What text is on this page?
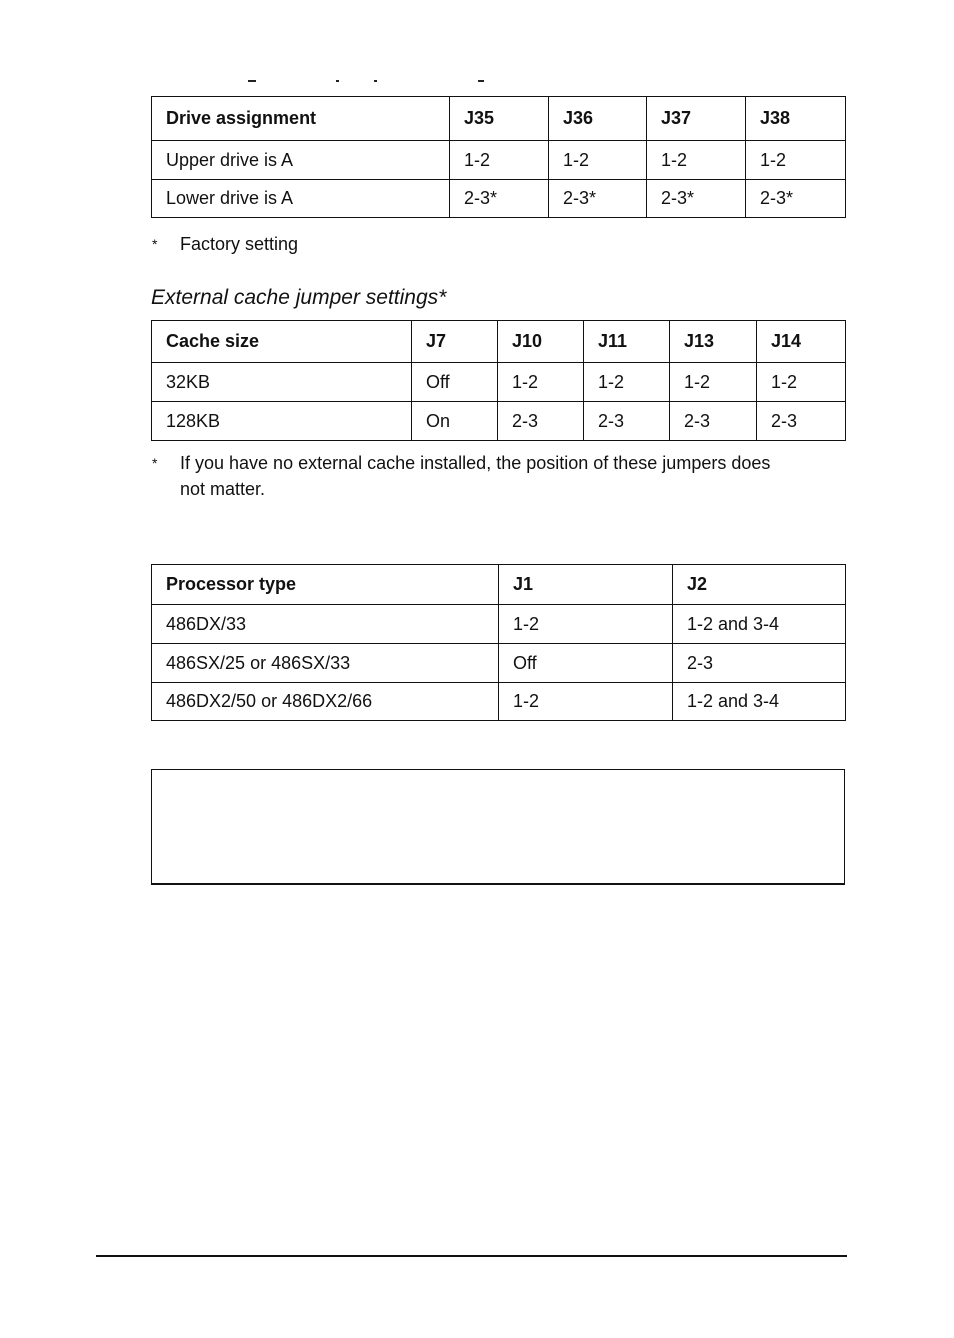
Drive assignment	J35	J36	J37	J38
Upper drive is A	1-2	1-2	1-2	1-2
Lower drive is A	2-3*	2-3*	2-3*	2-3*
* Factory setting
External cache jumper settings*
Cache size	J7	J10	J11	J13	J14
32KB	Off	1-2	1-2	1-2	1-2
128KB	On	2-3	2-3	2-3	2-3
* If you have no external cache installed, the position of these jumpers does
not matter.
Processor type	J1	J2
486DX/33	1-2	1-2 and 3-4
486SX/25 or 486SX/33	Off	2-3
486DX2/50 or 486DX2/66	1-2	1-2 and 3-4
